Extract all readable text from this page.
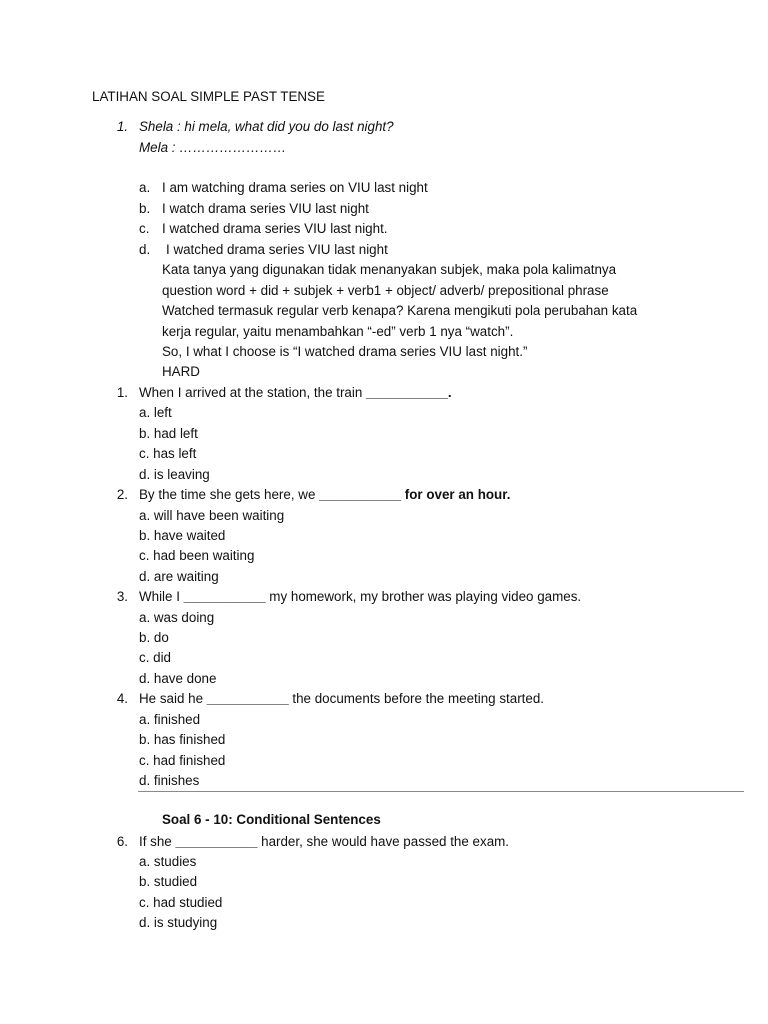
LATIHAN SOAL SIMPLE PAST TENSE
1. Shela : hi mela, what did you do last night?
Mela : ……………………
a. I am watching drama series on VIU last night
b. I watch drama series VIU last night
c. I watched drama series VIU last night.
d. I watched drama series VIU last night
Kata tanya yang digunakan tidak menanyakan subjek, maka pola kalimatnya
question word + did + subjek + verb1 + object/ adverb/ prepositional phrase
Watched termasuk regular verb kenapa? Karena mengikuti pola perubahan kata
kerja regular, yaitu menambahkan “-ed” verb 1 nya “watch”.
So, I what I choose is “I watched drama series VIU last night.”
HARD
1. When I arrived at the station, the train ___________.
a. left
b. had left
c. has left
d. is leaving
2. By the time she gets here, we ___________ for over an hour.
a. will have been waiting
b. have waited
c. had been waiting
d. are waiting
3. While I ___________ my homework, my brother was playing video games.
a. was doing
b. do
c. did
d. have done
4. He said he ___________ the documents before the meeting started.
a. finished
b. has finished
c. had finished
d. finishes
Soal 6 - 10: Conditional Sentences
6. If she ___________ harder, she would have passed the exam.
a. studies
b. studied
c. had studied
d. is studying
